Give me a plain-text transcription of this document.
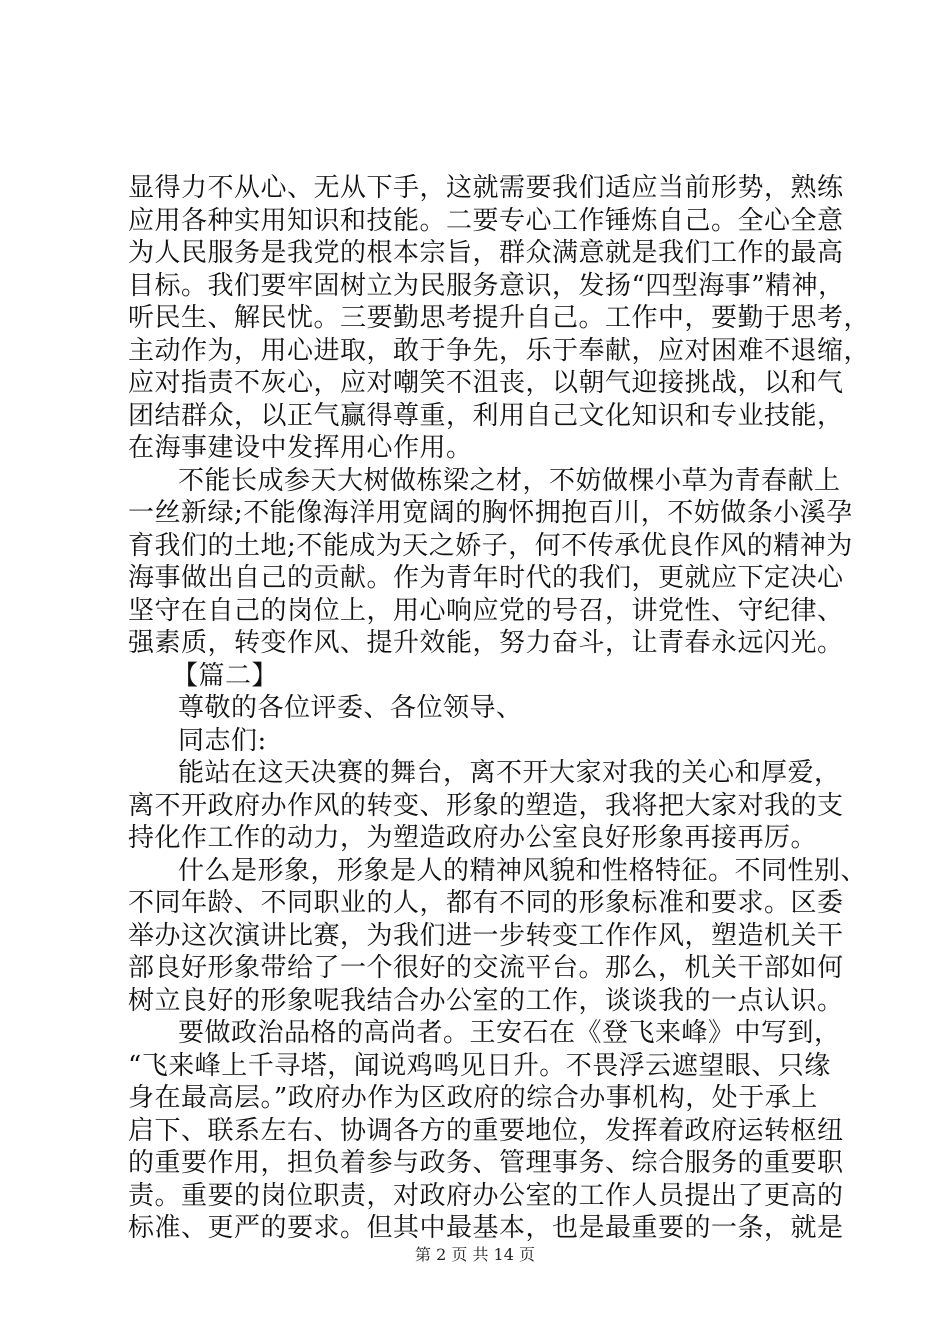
显得力不从心、无从下手，这就需要我们适应当前形势，熟练
应用各种实用知识和技能。二要专心工作锤炼自己。全心全意
为人民服务是我党的根本宗旨，群众满意就是我们工作的最高
目标。我们要牢固树立为民服务意识，发扬“四型海事”精神，
听民生、解民忧。三要勤思考提升自己。工作中，要勤于思考，
主动作为，用心进取，敢于争先，乐于奉献，应对困难不退缩，
应对指责不灰心，应对嘲笑不沮丧，以朝气迎接挑战，以和气
团结群众，以正气赢得尊重，利用自己文化知识和专业技能，
在海事建设中发挥用心作用。
不能长成参天大树做栋梁之材，不妨做棵小草为青春献上
一丝新绿;不能像海洋用宽阔的胸怀拥抱百川，不妨做条小溪孕
育我们的土地;不能成为天之娇子，何不传承优良作风的精神为
海事做出自己的贡献。作为青年时代的我们，更就应下定决心
坚守在自己的岗位上，用心响应党的号召，讲党性、守纪律、
强素质，转变作风、提升效能，努力奋斗，让青春永远闪光。
【篇二】
尊敬的各位评委、各位领导、
同志们:
能站在这天决赛的舞台，离不开大家对我的关心和厚爱，
离不开政府办作风的转变、形象的塑造，我将把大家对我的支
持化作工作的动力，为塑造政府办公室良好形象再接再厉。
什么是形象，形象是人的精神风貌和性格特征。不同性别、
不同年龄、不同职业的人，都有不同的形象标准和要求。区委
举办这次演讲比赛，为我们进一步转变工作作风，塑造机关干
部良好形象带给了一个很好的交流平台。那么，机关干部如何
树立良好的形象呢我结合办公室的工作，谈谈我的一点认识。
要做政治品格的高尚者。王安石在《登飞来峰》中写到，
“飞来峰上千寻塔，闻说鸡鸣见日升。不畏浮云遮望眼、只缘
身在最高层。”政府办作为区政府的综合办事机构，处于承上
启下、联系左右、协调各方的重要地位，发挥着政府运转枢纽
的重要作用，担负着参与政务、管理事务、综合服务的重要职
责。重要的岗位职责，对政府办公室的工作人员提出了更高的
标准、更严的要求。但其中最基本，也是最重要的一条，就是
第 2 页 共 14 页
